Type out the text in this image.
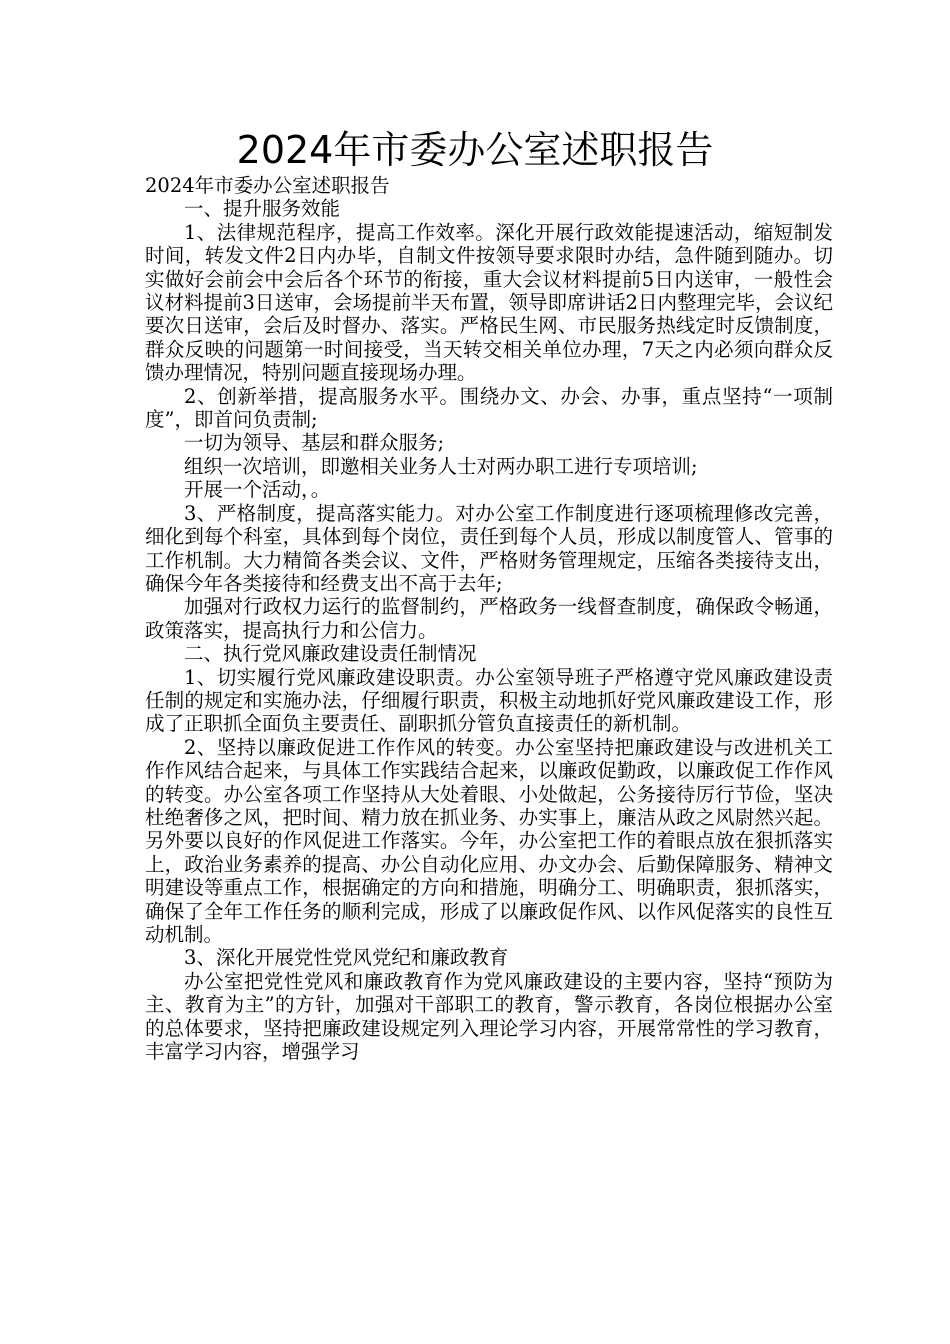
2024年市委办公室述职报告

2024年市委办公室述职报告

一、提升服务效能

1、法律规范程序，提高工作效率。深化开展行政效能提速活动，缩短制发时间，转发文件2日内办毕，自制文件按领导要求限时办结，急件随到随办。切实做好会前会中会后各个环节的衔接，重大会议材料提前5日内送审，一般性会议材料提前3日送审，会场提前半天布置，领导即席讲话2日内整理完毕，会议纪要次日送审，会后及时督办、落实。严格民生网、市民服务热线定时反馈制度，群众反映的问题第一时间接受，当天转交相关单位办理，7天之内必须向群众反馈办理情况，特别问题直接现场办理。

2、创新举措，提高服务水平。围绕办文、办会、办事，重点坚持“一项制度”，即首问负责制;

一切为领导、基层和群众服务;

组织一次培训，即邀相关业务人士对两办职工进行专项培训;

开展一个活动，。

3、严格制度，提高落实能力。对办公室工作制度进行逐项梳理修改完善，细化到每个科室，具体到每个岗位，责任到每个人员，形成以制度管人、管事的工作机制。大力精简各类会议、文件，严格财务管理规定，压缩各类接待支出，确保今年各类接待和经费支出不高于去年;

加强对行政权力运行的监督制约，严格政务一线督查制度，确保政令畅通，政策落实，提高执行力和公信力。

二、执行党风廉政建设责任制情况

1、切实履行党风廉政建设职责。办公室领导班子严格遵守党风廉政建设责任制的规定和实施办法，仔细履行职责，积极主动地抓好党风廉政建设工作，形成了正职抓全面负主要责任、副职抓分管负直接责任的新机制。

2、坚持以廉政促进工作作风的转变。办公室坚持把廉政建设与改进机关工作作风结合起来，与具体工作实践结合起来，以廉政促勤政，以廉政促工作作风的转变。办公室各项工作坚持从大处着眼、小处做起，公务接待厉行节俭，坚决杜绝奢侈之风，把时间、精力放在抓业务、办实事上，廉洁从政之风尉然兴起。另外要以良好的作风促进工作落实。今年，办公室把工作的着眼点放在狠抓落实上，政治业务素养的提高、办公自动化应用、办文办会、后勤保障服务、精神文明建设等重点工作，根据确定的方向和措施，明确分工、明确职责，狠抓落实，确保了全年工作任务的顺利完成，形成了以廉政促作风、以作风促落实的良性互动机制。

3、深化开展党性党风党纪和廉政教育

办公室把党性党风和廉政教育作为党风廉政建设的主要内容，坚持“预防为主、教育为主”的方针，加强对干部职工的教育，警示教育，各岗位根据办公室的总体要求，坚持把廉政建设规定列入理论学习内容，开展常常性的学习教育，丰富学习内容，增强学习
